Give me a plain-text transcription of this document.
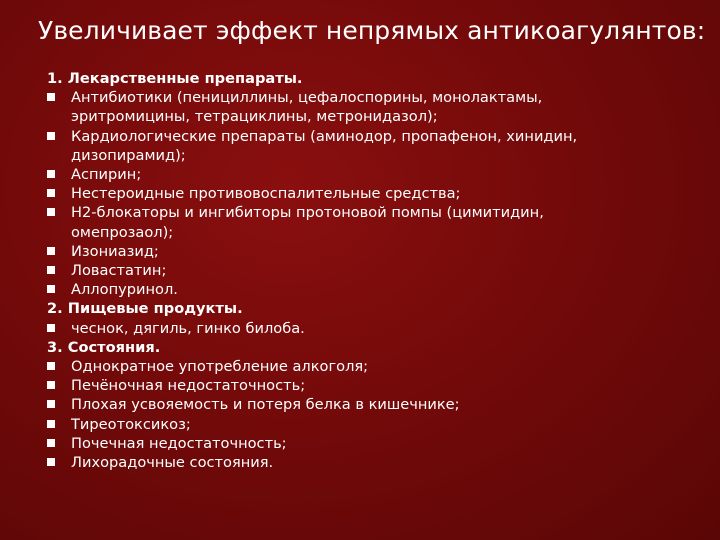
Увеличивает эффект непрямых антикоагулянтов:
1. Лекарственные препараты.
Антибиотики (пенициллины, цефалоспорины, монолактамы,
эритромицины, тетрациклины, метронидазол);
Кардиологические препараты (аминодор, пропафенон, хинидин,
дизопирамид);
Аспирин;
Нестероидные противовоспалительные средства;
Н2-блокаторы и ингибиторы протоновой помпы (цимитидин,
омепрозаол);
Изониазид;
Ловастатин;
Аллопуринол.
2. Пищевые продукты.
чеснок, дягиль, гинко билоба.
3. Состояния.
Однократное употребление алкоголя;
Печёночная недостаточность;
Плохая усвояемость и потеря белка в кишечнике;
Тиреотоксикоз;
Почечная недостаточность;
Лихорадочные состояния.
